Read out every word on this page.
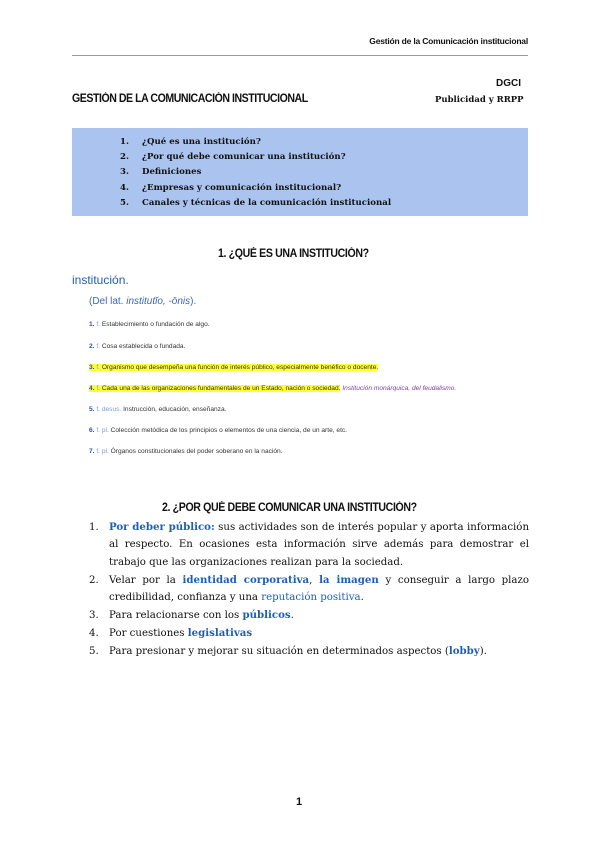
Gestión de la Comunicación institucional
DGCI
GESTIÓN DE LA COMUNICACIÓN INSTITUCIONAL	Publicidad y RRPP
1. ¿Qué es una institución?
2. ¿Por qué debe comunicar una institución?
3. Definiciones
4. ¿Empresas y comunicación institucional?
5. Canales y técnicas de la comunicación institucional
1. ¿QUÉ ES UNA INSTITUCIÓN?
institución.
(Del lat. institutĭo, -ōnis).
1. f. Establecimiento o fundación de algo.
2. f. Cosa establecida o fundada.
3. f. Organismo que desempeña una función de interés público, especialmente benéfico o docente.
4. f. Cada una de las organizaciones fundamentales de un Estado, nación o sociedad. Institución monárquica, del feudalismo.
5. f. desus. Instrucción, educación, enseñanza.
6. f. pl. Colección metódica de los principios o elementos de una ciencia, de un arte, etc.
7. f. pl. Órganos constitucionales del poder soberano en la nación.
2. ¿POR QUÉ DEBE COMUNICAR UNA INSTITUCIÓN?
1. Por deber público: sus actividades son de interés popular y aporta información al respecto. En ocasiones esta información sirve además para demostrar el trabajo que las organizaciones realizan para la sociedad.
2. Velar por la identidad corporativa, la imagen y conseguir a largo plazo credibilidad, confianza y una reputación positiva.
3. Para relacionarse con los públicos.
4. Por cuestiones legislativas
5. Para presionar y mejorar su situación en determinados aspectos (lobby).
1
